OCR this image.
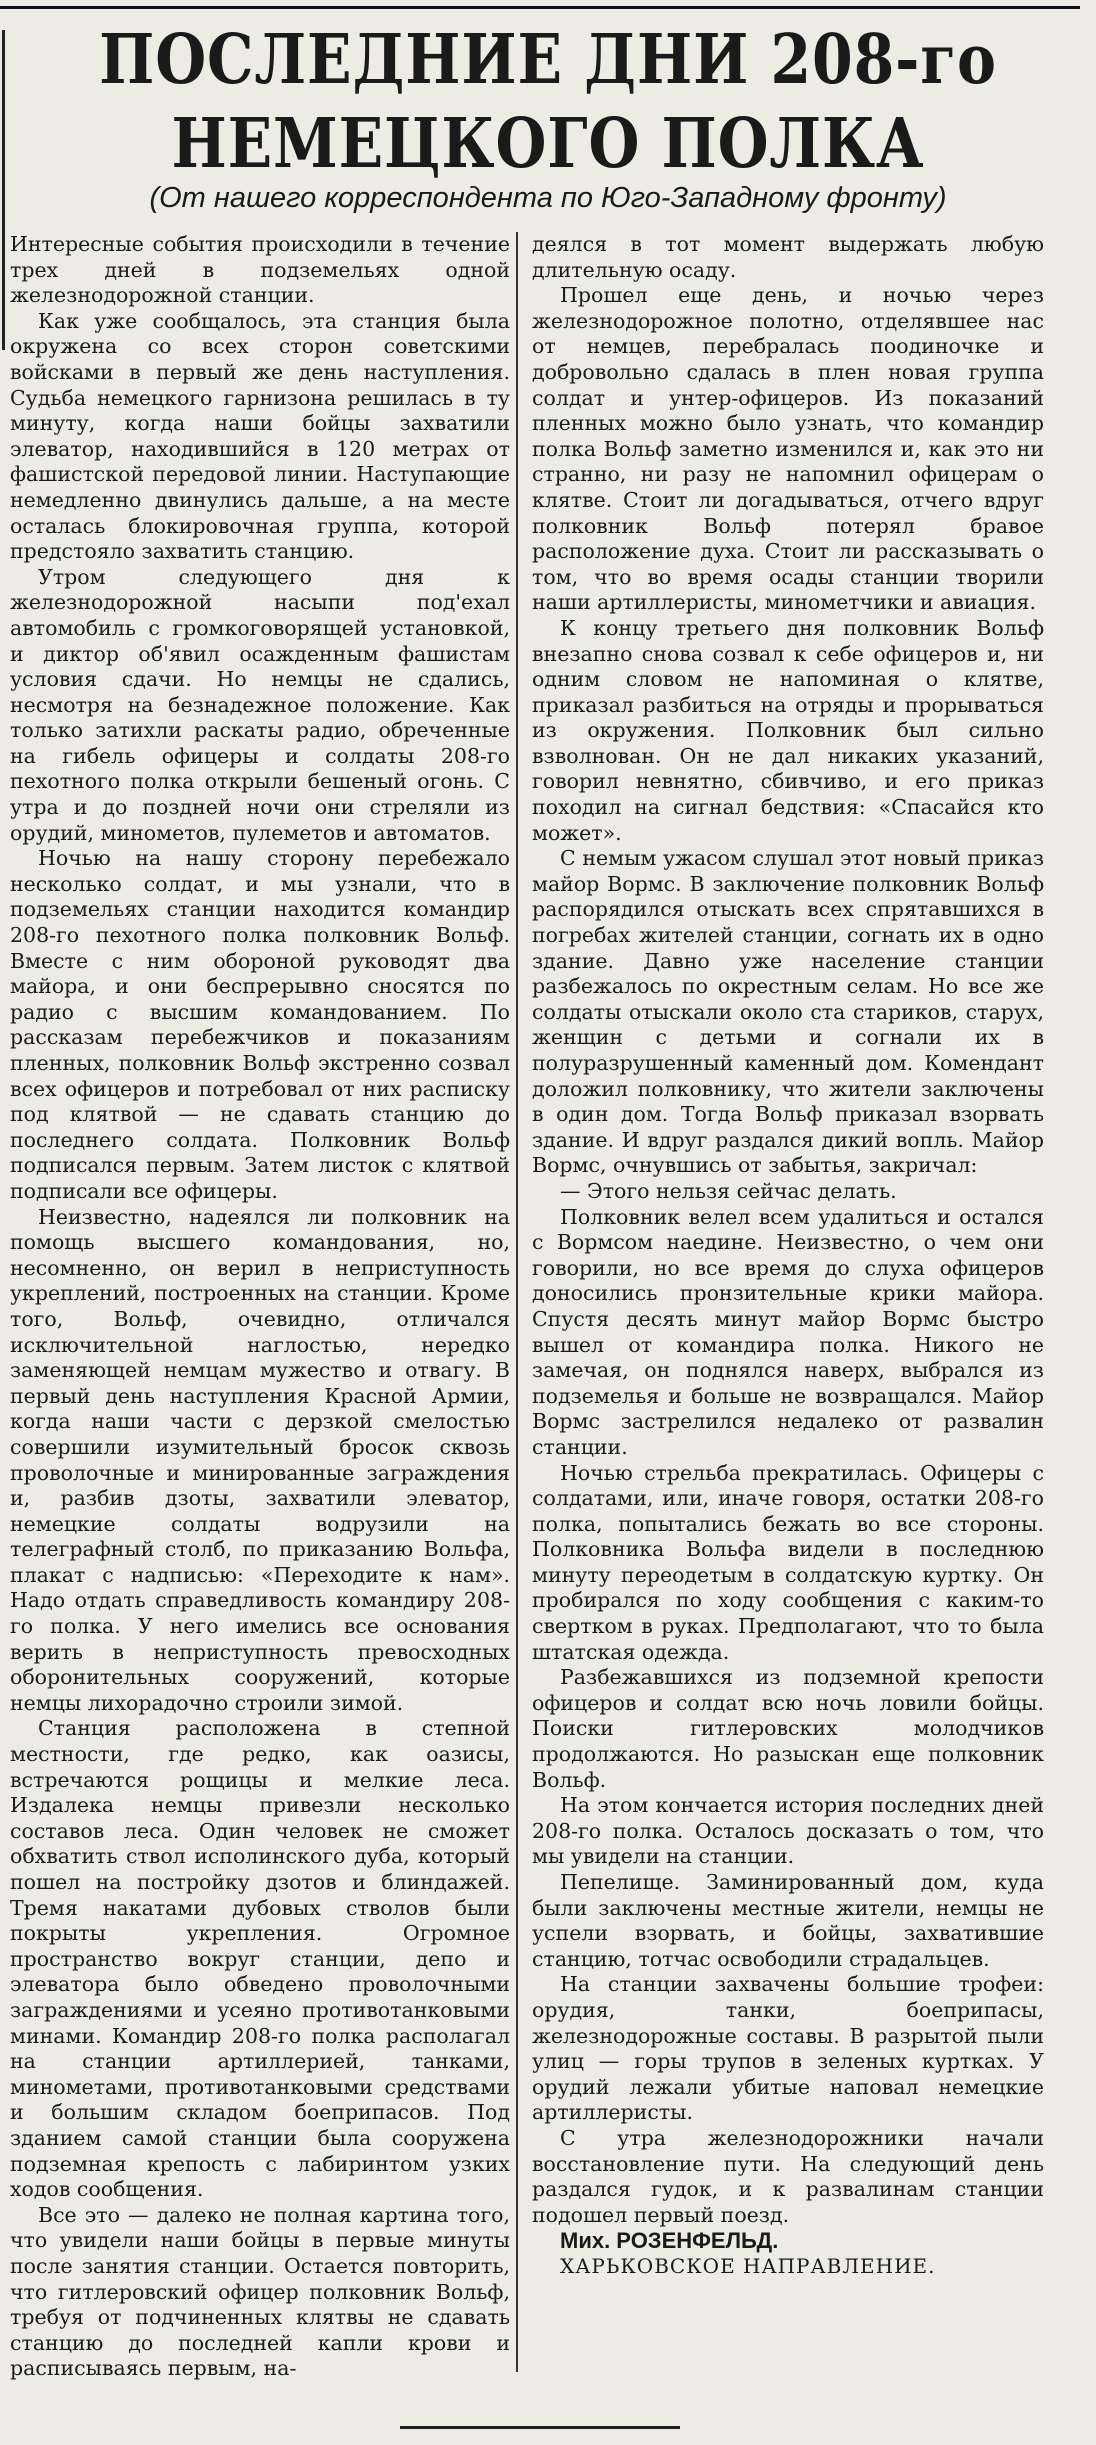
ПОСЛЕДНИЕ ДНИ 208-го
НЕМЕЦКОГО ПОЛКА
(От нашего корреспондента по Юго-Западному фронту)

Интересные события происходили в течение трех дней в подземельях одной железнодорожной станции.

Как уже сообщалось, эта станция была окружена со всех сторон советскими войсками в первый же день наступления. Судьба немецкого гарнизона решилась в ту минуту, когда наши бойцы захватили элеватор, находившийся в 120 метрах от фашистской передовой линии. Наступающие немедленно двинулись дальше, а на месте осталась блокировочная группа, которой предстояло захватить станцию.

Утром следующего дня к железнодорожной насыпи под'ехал автомобиль с громкоговорящей установкой, и диктор об'явил осажденным фашистам условия сдачи. Но немцы не сдались, несмотря на безнадежное положение. Как только затихли раскаты радио, обреченные на гибель офицеры и солдаты 208-го пехотного полка открыли бешеный огонь. С утра и до поздней ночи они стреляли из орудий, минометов, пулеметов и автоматов.

Ночью на нашу сторону перебежало несколько солдат, и мы узнали, что в подземельях станции находится командир 208-го пехотного полка полковник Вольф. Вместе с ним обороной руководят два майора, и они беспрерывно сносятся по радио с высшим командованием. По рассказам перебежчиков и показаниям пленных, полковник Вольф экстренно созвал всех офицеров и потребовал от них расписку под клятвой — не сдавать станцию до последнего солдата. Полковник Вольф подписался первым. Затем листок с клятвой подписали все офицеры.

Неизвестно, надеялся ли полковник на помощь высшего командования, но, несомненно, он верил в неприступность укреплений, построенных на станции. Кроме того, Вольф, очевидно, отличался исключительной наглостью, нередко заменяющей немцам мужество и отвагу. В первый день наступления Красной Армии, когда наши части с дерзкой смелостью совершили изумительный бросок сквозь проволочные и минированные заграждения и, разбив дзоты, захватили элеватор, немецкие солдаты водрузили на телеграфный столб, по приказанию Вольфа, плакат с надписью: «Переходите к нам». Надо отдать справедливость командиру 208-го полка. У него имелись все основания верить в неприступность превосходных оборонительных сооружений, которые немцы лихорадочно строили зимой.

Станция расположена в степной местности, где редко, как оазисы, встречаются рощицы и мелкие леса. Издалека немцы привезли несколько составов леса. Один человек не сможет обхватить ствол исполинского дуба, который пошел на постройку дзотов и блиндажей. Тремя накатами дубовых стволов были покрыты укрепления. Огромное пространство вокруг станции, депо и элеватора было обведено проволочными заграждениями и усеяно противотанковыми минами. Командир 208-го полка располагал на станции артиллерией, танками, минометами, противотанковыми средствами и большим складом боеприпасов. Под зданием самой станции была сооружена подземная крепость с лабиринтом узких ходов сообщения.

Все это — далеко не полная картина того, что увидели наши бойцы в первые минуты после занятия станции. Остается повторить, что гитлеровский офицер полковник Вольф, требуя от подчиненных клятвы не сдавать станцию до последней капли крови и расписываясь первым, на-

деялся в тот момент выдержать любую длительную осаду.

Прошел еще день, и ночью через железнодорожное полотно, отделявшее нас от немцев, перебралась поодиночке и добровольно сдалась в плен новая группа солдат и унтер-офицеров. Из показаний пленных можно было узнать, что командир полка Вольф заметно изменился и, как это ни странно, ни разу не напомнил офицерам о клятве. Стоит ли догадываться, отчего вдруг полковник Вольф потерял бравое расположение духа. Стоит ли рассказывать о том, что во время осады станции творили наши артиллеристы, минометчики и авиация.

К концу третьего дня полковник Вольф внезапно снова созвал к себе офицеров и, ни одним словом не напоминая о клятве, приказал разбиться на отряды и прорываться из окружения. Полковник был сильно взволнован. Он не дал никаких указаний, говорил невнятно, сбивчиво, и его приказ походил на сигнал бедствия: «Спасайся кто может».

С немым ужасом слушал этот новый приказ майор Вормс. В заключение полковник Вольф распорядился отыскать всех спрятавшихся в погребах жителей станции, согнать их в одно здание. Давно уже население станции разбежалось по окрестным селам. Но все же солдаты отыскали около ста стариков, старух, женщин с детьми и согнали их в полуразрушенный каменный дом. Комендант доложил полковнику, что жители заключены в один дом. Тогда Вольф приказал взорвать здание. И вдруг раздался дикий вопль. Майор Вормс, очнувшись от забытья, закричал:

— Этого нельзя сейчас делать.

Полковник велел всем удалиться и остался с Вормсом наедине. Неизвестно, о чем они говорили, но все время до слуха офицеров доносились пронзительные крики майора. Спустя десять минут майор Вормс быстро вышел от командира полка. Никого не замечая, он поднялся наверх, выбрался из подземелья и больше не возвращался. Майор Вормс застрелился недалеко от развалин станции.

Ночью стрельба прекратилась. Офицеры с солдатами, или, иначе говоря, остатки 208-го полка, попытались бежать во все стороны. Полковника Вольфа видели в последнюю минуту переодетым в солдатскую куртку. Он пробирался по ходу сообщения с каким-то свертком в руках. Предполагают, что то была штатская одежда.

Разбежавшихся из подземной крепости офицеров и солдат всю ночь ловили бойцы. Поиски гитлеровских молодчиков продолжаются. Но разыскан еще полковник Вольф.

На этом кончается история последних дней 208-го полка. Осталось досказать о том, что мы увидели на станции.

Пепелище. Заминированный дом, куда были заключены местные жители, немцы не успели взорвать, и бойцы, захватившие станцию, тотчас освободили страдальцев.

На станции захвачены большие трофеи: орудия, танки, боеприпасы, железнодорожные составы. В разрытой пыли улиц — горы трупов в зеленых куртках. У орудий лежали убитые наповал немецкие артиллеристы.

С утра железнодорожники начали восстановление пути. На следующий день раздался гудок, и к развалинам станции подошел первый поезд.

Мих. РОЗЕНФЕЛЬД.

ХАРЬКОВСКОЕ НАПРАВЛЕНИЕ.
